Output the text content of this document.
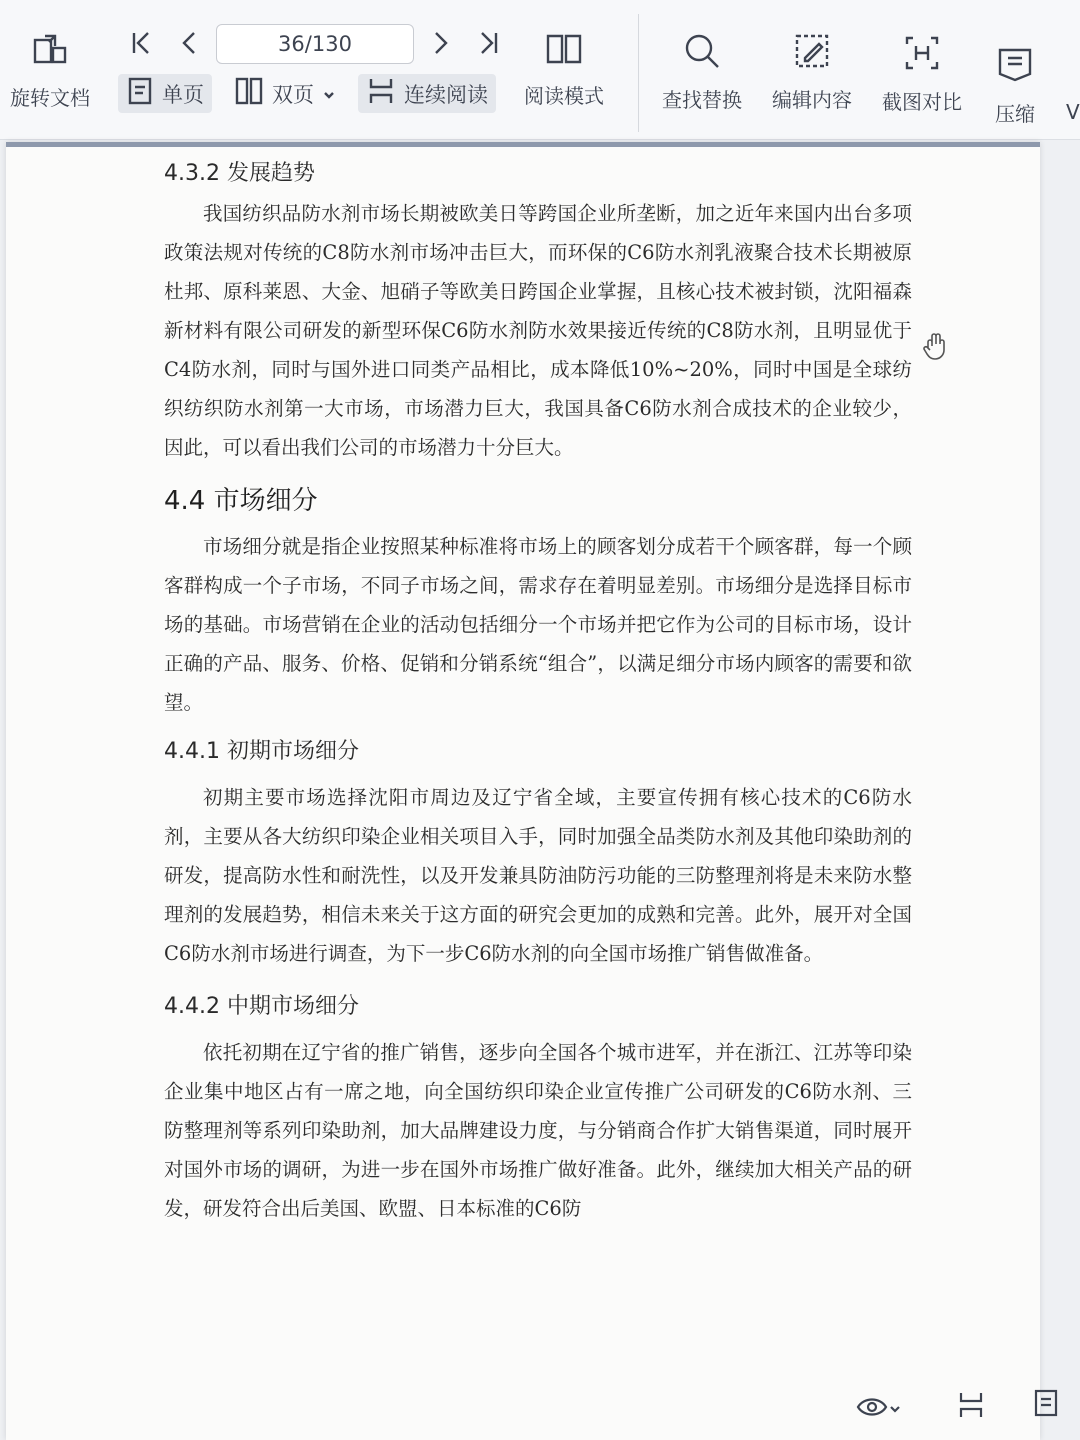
旋转文档
36/130
单页	双页	连续阅读 阅读模式	查找替换 编辑内容 截图对比 压缩 V
4.3.2 发展趋势

我国纺织品防水剂市场长期被欧美日等跨国企业所垄断，加之近年来国内出台多项政策法规对传统的C8防水剂市场冲击巨大，而环保的C6防水剂乳液聚合技术长期被原杜邦、原科莱恩、大金、旭硝子等欧美日跨国企业掌握，且核心技术被封锁，沈阳福森新材料有限公司研发的新型环保C6防水剂防水效果接近传统的C8防水剂，且明显优于C4防水剂，同时与国外进口同类产品相比，成本降低10%~20%，同时中国是全球纺织纺织防水剂第一大市场，市场潜力巨大，我国具备C6防水剂合成技术的企业较少，因此，可以看出我们公司的市场潜力十分巨大。

4.4 市场细分

市场细分就是指企业按照某种标准将市场上的顾客划分成若干个顾客群，每一个顾客群构成一个子市场，不同子市场之间，需求存在着明显差别。市场细分是选择目标市场的基础。市场营销在企业的活动包括细分一个市场并把它作为公司的目标市场，设计正确的产品、服务、价格、促销和分销系统“组合”，以满足细分市场内顾客的需要和欲望。

4.4.1 初期市场细分

初期主要市场选择沈阳市周边及辽宁省全域，主要宣传拥有核心技术的C6防水剂，主要从各大纺织印染企业相关项目入手，同时加强全品类防水剂及其他印染助剂的研发，提高防水性和耐洗性，以及开发兼具防油防污功能的三防整理剂将是未来防水整理剂的发展趋势，相信未来关于这方面的研究会更加的成熟和完善。此外，展开对全国C6防水剂市场进行调查，为下一步C6防水剂的向全国市场推广销售做准备。

4.4.2 中期市场细分

依托初期在辽宁省的推广销售，逐步向全国各个城市进军，并在浙江、江苏等印染企业集中地区占有一席之地，向全国纺织印染企业宣传推广公司研发的C6防水剂、三防整理剂等系列印染助剂，加大品牌建设力度，与分销商合作扩大销售渠道，同时展开对国外市场的调研，为进一步在国外市场推广做好准备。此外，继续加大相关产品的研发，研发符合出后美国、欧盟、日本标准的C6防
